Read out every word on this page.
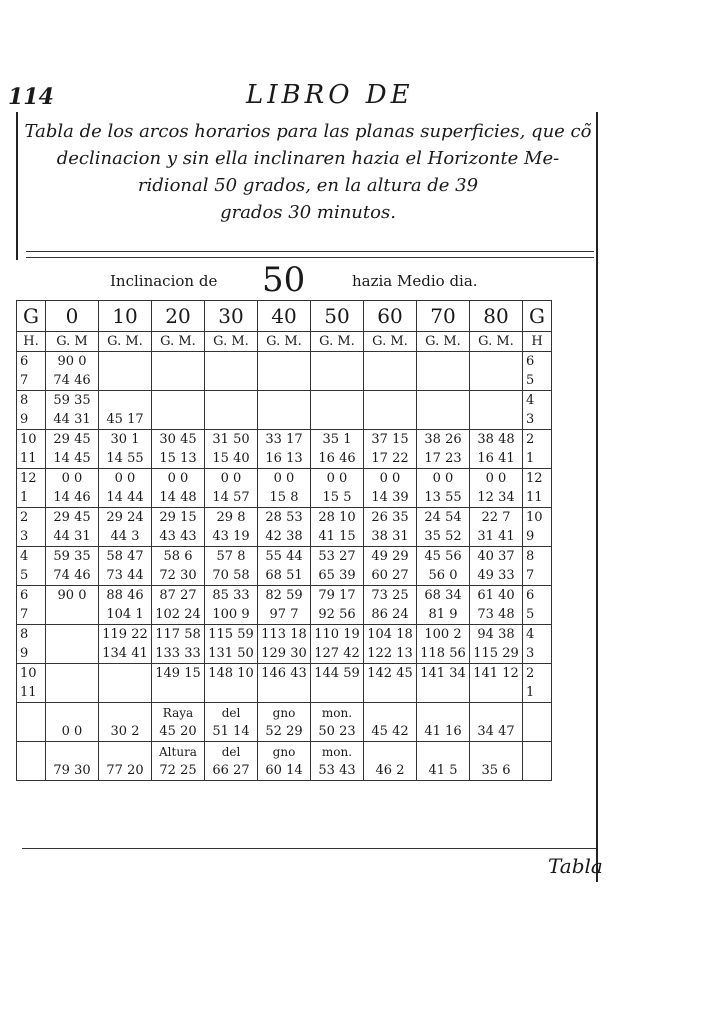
114	LIBRO DE
Tabla de los arcos horarios para las planas superficies, que cõ
declinacion y sin ella inclinaren hazia el Horizonte Me-
ridional 50 grados, en la altura de 39
grados 30 minutos.
Inclinacion de 50	hazia Medio dia.
G	0	10	20	30	40	50	60	70	80	G
H.	G. M	G. M.	G. M.	G. M.	G. M.	G. M.	G. M.	G. M.	G. M.	H
6	90 0									6
7	74 46									5
8	59 35									4
9	44 31	45 17								3
10	29 45	30 1	30 45	31 50	33 17	35 1	37 15	38 26	38 48	2
11	14 45	14 55	15 13	15 40	16 13	16 46	17 22	17 23	16 41	1
12	0 0	0 0	0 0	0 0	0 0	0 0	0 0	0 0	0 0	12
1	14 46	14 44	14 48	14 57	15 8	15 5	14 39	13 55	12 34	11
2	29 45	29 24	29 15	29 8	28 53	28 10	26 35	24 54	22 7	10
3	44 31	44 3	43 43	43 19	42 38	41 15	38 31	35 52	31 41	9
4	59 35	58 47	58 6	57 8	55 44	53 27	49 29	45 56	40 37	8
5	74 46	73 44	72 30	70 58	68 51	65 39	60 27	56 0	49 33	7
6	90 0	88 46	87 27	85 33	82 59	79 17	73 25	68 34	61 40	6
7		104 1	102 24	100 9	97 7	92 56	86 24	81 9	73 48	5
8		119 22	117 58	115 59	113 18	110 19	104 18	100 2	94 38	4
9		134 41	133 33	131 50	129 30	127 42	122 13	118 56	115 29	3
10			149 15	148 10	146 43	144 59	142 45	141 34	141 12	2
11										1
			Raya	del	gno	mon.				
	0 0	30 2	45 20	51 14	52 29	50 23	45 42	41 16	34 47	
			Altura	del	gno	mon.				
	79 30	77 20	72 25	66 27	60 14	53 43	46 2	41 5	35 6	
Tabla
